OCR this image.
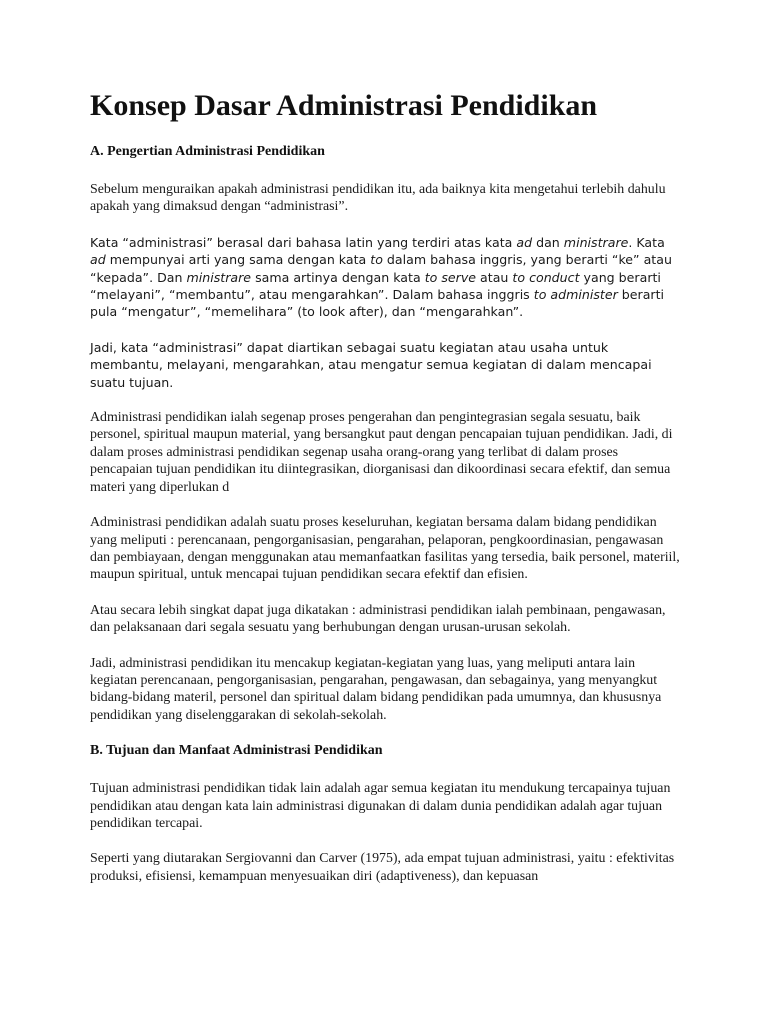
Konsep Dasar Administrasi Pendidikan
A. Pengertian Administrasi Pendidikan

Sebelum menguraikan apakah administrasi pendidikan itu, ada baiknya kita mengetahui terlebih dahulu apakah yang dimaksud dengan “administrasi”.

Kata “administrasi” berasal dari bahasa latin yang terdiri atas kata ad dan ministrare. Kata ad mempunyai arti yang sama dengan kata to dalam bahasa inggris, yang berarti “ke” atau “kepada”. Dan ministrare sama artinya dengan kata to serve atau to conduct yang berarti “melayani”, “membantu”, atau mengarahkan”. Dalam bahasa inggris to administer berarti pula “mengatur”, “memelihara” (to look after), dan “mengarahkan”.

Jadi, kata “administrasi” dapat diartikan sebagai suatu kegiatan atau usaha untuk membantu, melayani, mengarahkan, atau mengatur semua kegiatan di dalam mencapai suatu tujuan.

Administrasi pendidikan ialah segenap proses pengerahan dan pengintegrasian segala sesuatu, baik personel, spiritual maupun material, yang bersangkut paut dengan pencapaian tujuan pendidikan. Jadi, di dalam proses administrasi pendidikan segenap usaha orang-orang yang terlibat di dalam proses pencapaian tujuan pendidikan itu diintegrasikan, diorganisasi dan dikoordinasi secara efektif, dan semua materi yang diperlukan d

Administrasi pendidikan adalah suatu proses keseluruhan, kegiatan bersama dalam bidang pendidikan yang meliputi : perencanaan, pengorganisasian, pengarahan, pelaporan, pengkoordinasian, pengawasan dan pembiayaan, dengan menggunakan atau memanfaatkan fasilitas yang tersedia, baik personel, materiil, maupun spiritual, untuk mencapai tujuan pendidikan secara efektif dan efisien.

Atau secara lebih singkat dapat juga dikatakan : administrasi pendidikan ialah pembinaan, pengawasan, dan pelaksanaan dari segala sesuatu yang berhubungan dengan urusan-urusan sekolah.

Jadi, administrasi pendidikan itu mencakup kegiatan-kegiatan yang luas, yang meliputi antara lain kegiatan perencanaan, pengorganisasian, pengarahan, pengawasan, dan sebagainya, yang menyangkut bidang-bidang materil, personel dan spiritual dalam bidang pendidikan pada umumnya, dan khususnya pendidikan yang diselenggarakan di sekolah-sekolah.

B. Tujuan dan Manfaat Administrasi Pendidikan

Tujuan administrasi pendidikan tidak lain adalah agar semua kegiatan itu mendukung tercapainya tujuan pendidikan atau dengan kata lain administrasi digunakan di dalam dunia pendidikan adalah agar tujuan pendidikan tercapai.

Seperti yang diutarakan Sergiovanni dan Carver (1975), ada empat tujuan administrasi, yaitu : efektivitas produksi, efisiensi, kemampuan menyesuaikan diri (adaptiveness), dan kepuasan
